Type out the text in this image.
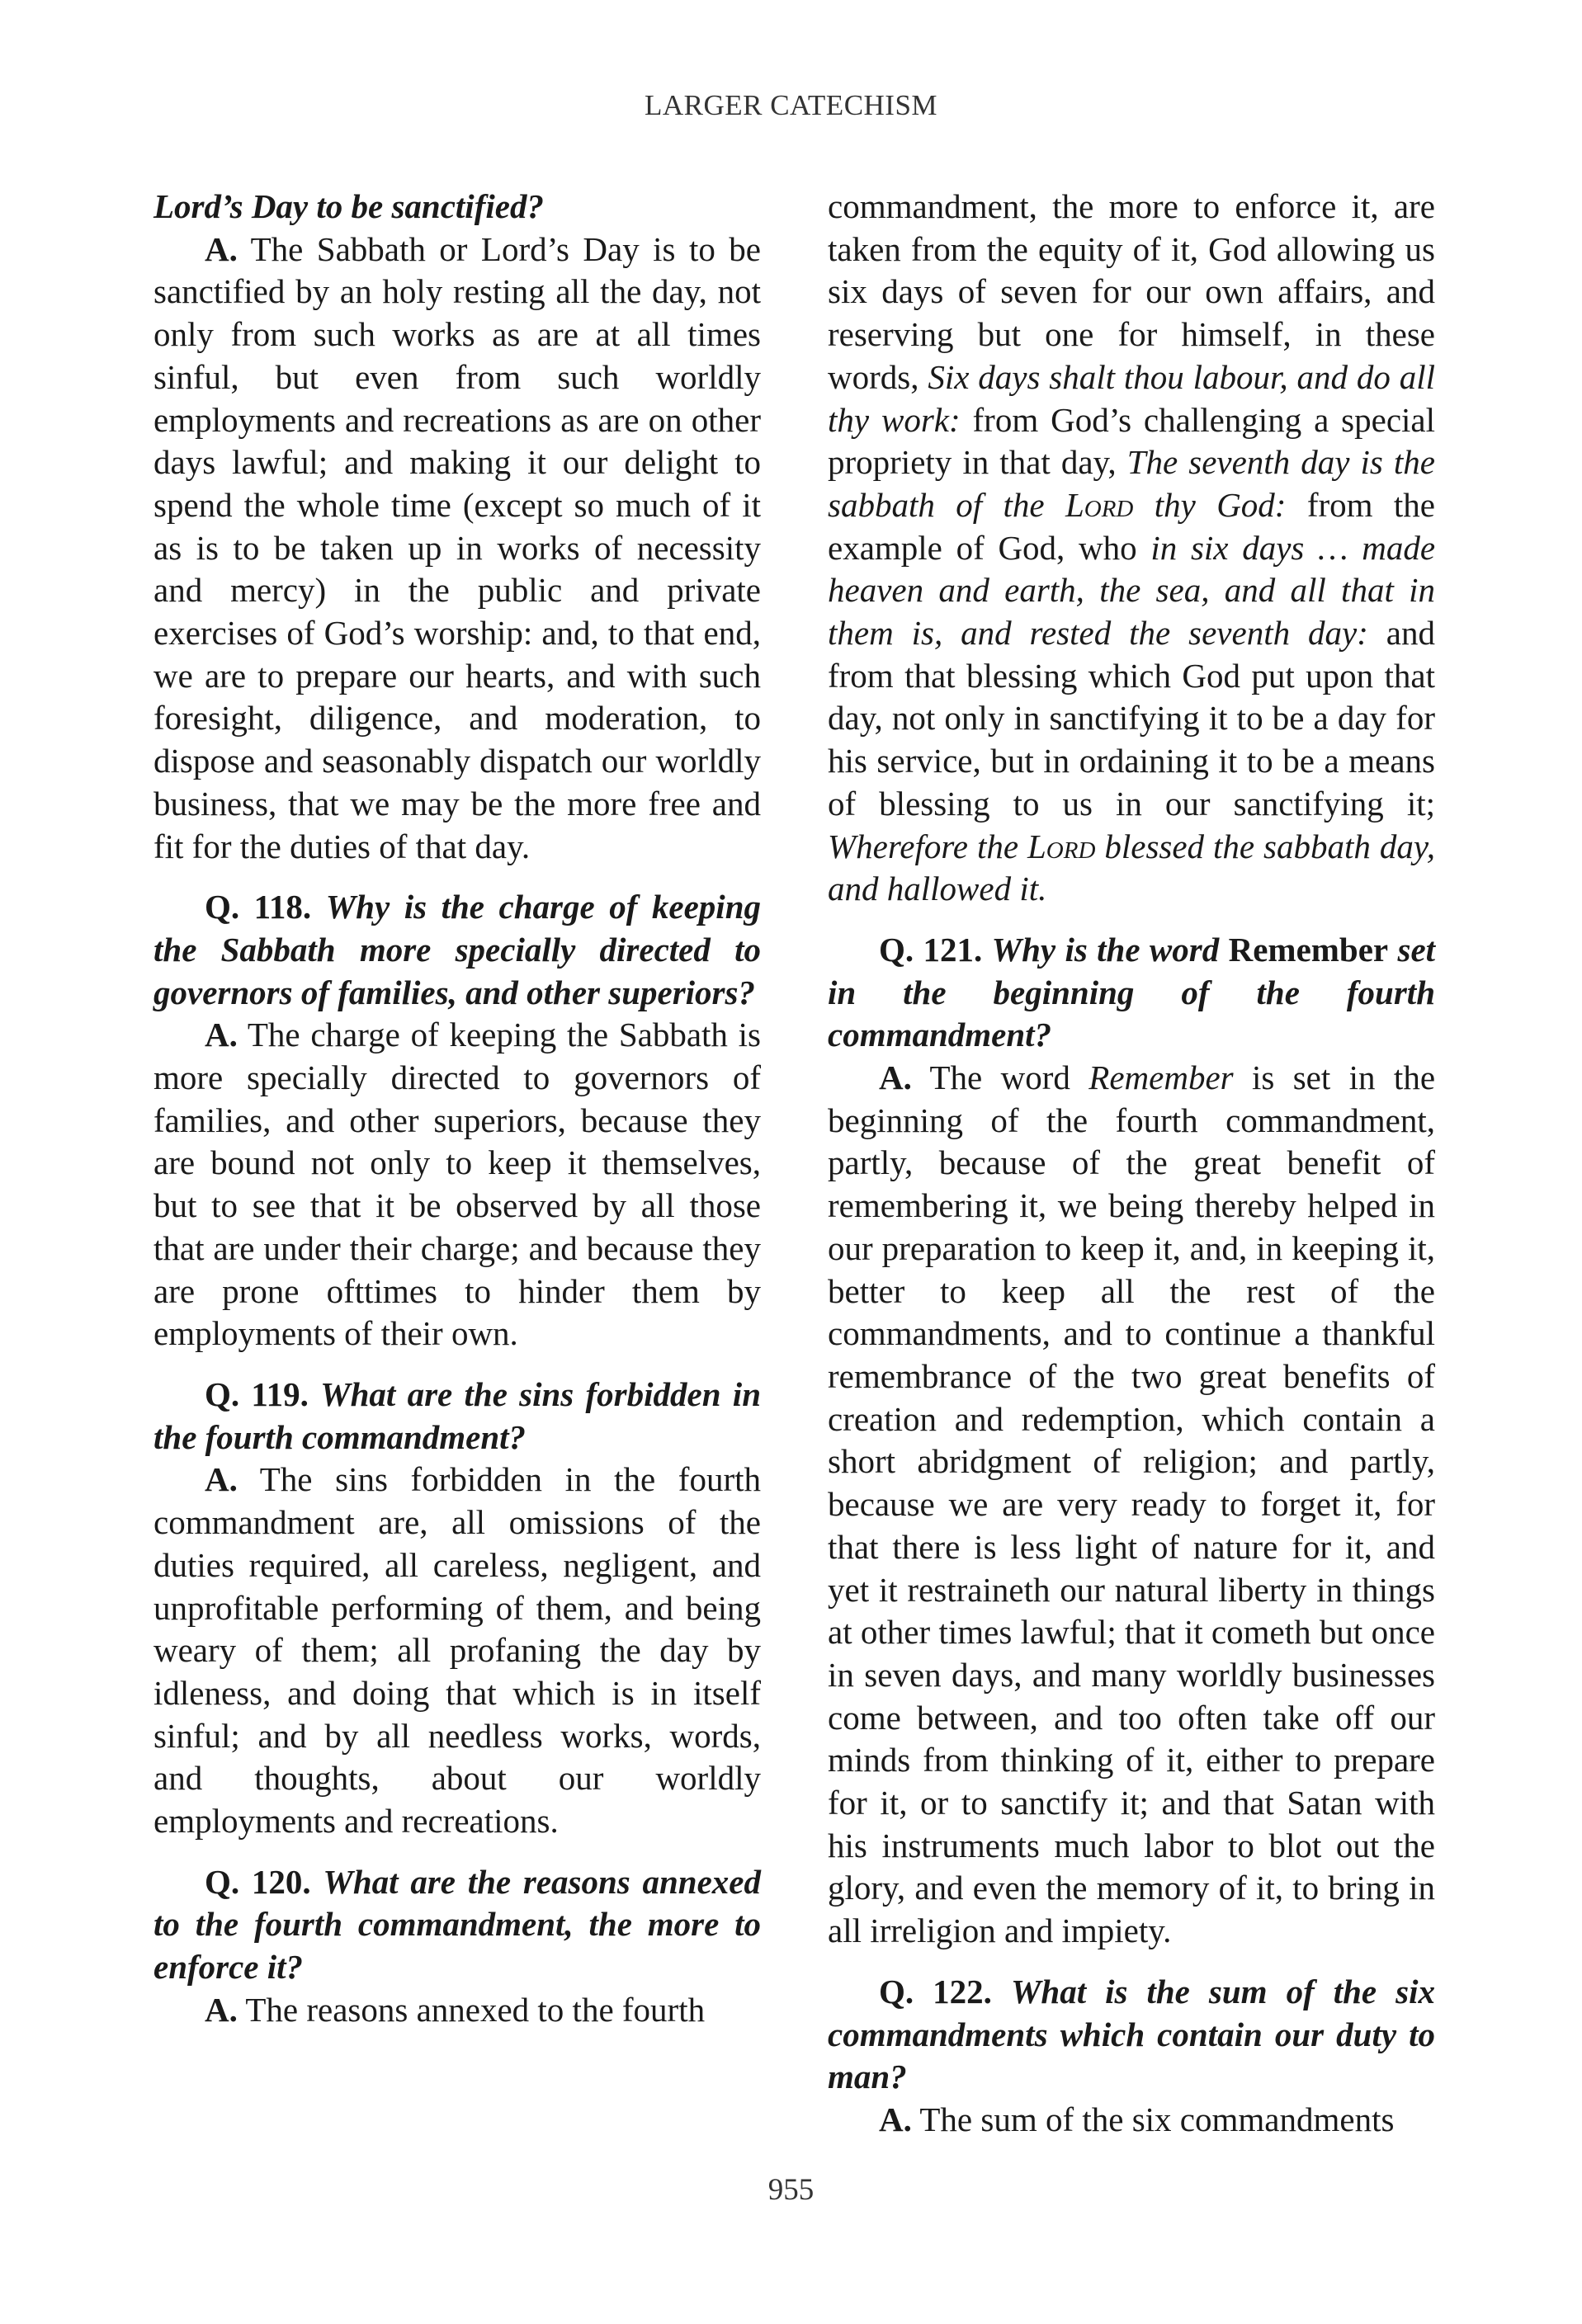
LARGER CATECHISM

Lord’s Day to be sanctified?

A. The Sabbath or Lord’s Day is to be sanctified by an holy resting all the day, not only from such works as are at all times sinful, but even from such worldly employments and recreations as are on other days lawful; and making it our delight to spend the whole time (except so much of it as is to be taken up in works of necessity and mercy) in the public and private exercises of God’s worship: and, to that end, we are to prepare our hearts, and with such foresight, diligence, and moderation, to dispose and seasonably dispatch our worldly business, that we may be the more free and fit for the duties of that day.

Q. 118. Why is the charge of keeping the Sabbath more specially directed to governors of families, and other superiors?

A. The charge of keeping the Sabbath is more specially directed to governors of families, and other superiors, because they are bound not only to keep it themselves, but to see that it be observed by all those that are under their charge; and because they are prone ofttimes to hinder them by employments of their own.

Q. 119. What are the sins forbidden in the fourth commandment?

A. The sins forbidden in the fourth commandment are, all omissions of the duties required, all careless, negligent, and unprofitable performing of them, and being weary of them; all profaning the day by idleness, and doing that which is in itself sinful; and by all needless works, words, and thoughts, about our worldly employments and recreations.

Q. 120. What are the reasons annexed to the fourth commandment, the more to enforce it?

A. The reasons annexed to the fourth

commandment, the more to enforce it, are taken from the equity of it, God allowing us six days of seven for our own affairs, and reserving but one for himself, in these words, Six days shalt thou labour, and do all thy work: from God’s challenging a special propriety in that day, The seventh day is the sabbath of the Lord thy God: from the example of God, who in six days … made heaven and earth, the sea, and all that in them is, and rested the seventh day: and from that blessing which God put upon that day, not only in sanctifying it to be a day for his service, but in ordaining it to be a means of blessing to us in our sanctifying it; Wherefore the Lord blessed the sabbath day, and hallowed it.

Q. 121. Why is the word Remember set in the beginning of the fourth commandment?

A. The word Remember is set in the beginning of the fourth commandment, partly, because of the great benefit of remembering it, we being thereby helped in our preparation to keep it, and, in keeping it, better to keep all the rest of the commandments, and to continue a thankful remembrance of the two great benefits of creation and redemption, which contain a short abridgment of religion; and partly, because we are very ready to forget it, for that there is less light of nature for it, and yet it restraineth our natural liberty in things at other times lawful; that it cometh but once in seven days, and many worldly businesses come between, and too often take off our minds from thinking of it, either to prepare for it, or to sanctify it; and that Satan with his instruments much labor to blot out the glory, and even the memory of it, to bring in all irreligion and impiety.

Q. 122. What is the sum of the six commandments which contain our duty to man?

A. The sum of the six commandments

955
